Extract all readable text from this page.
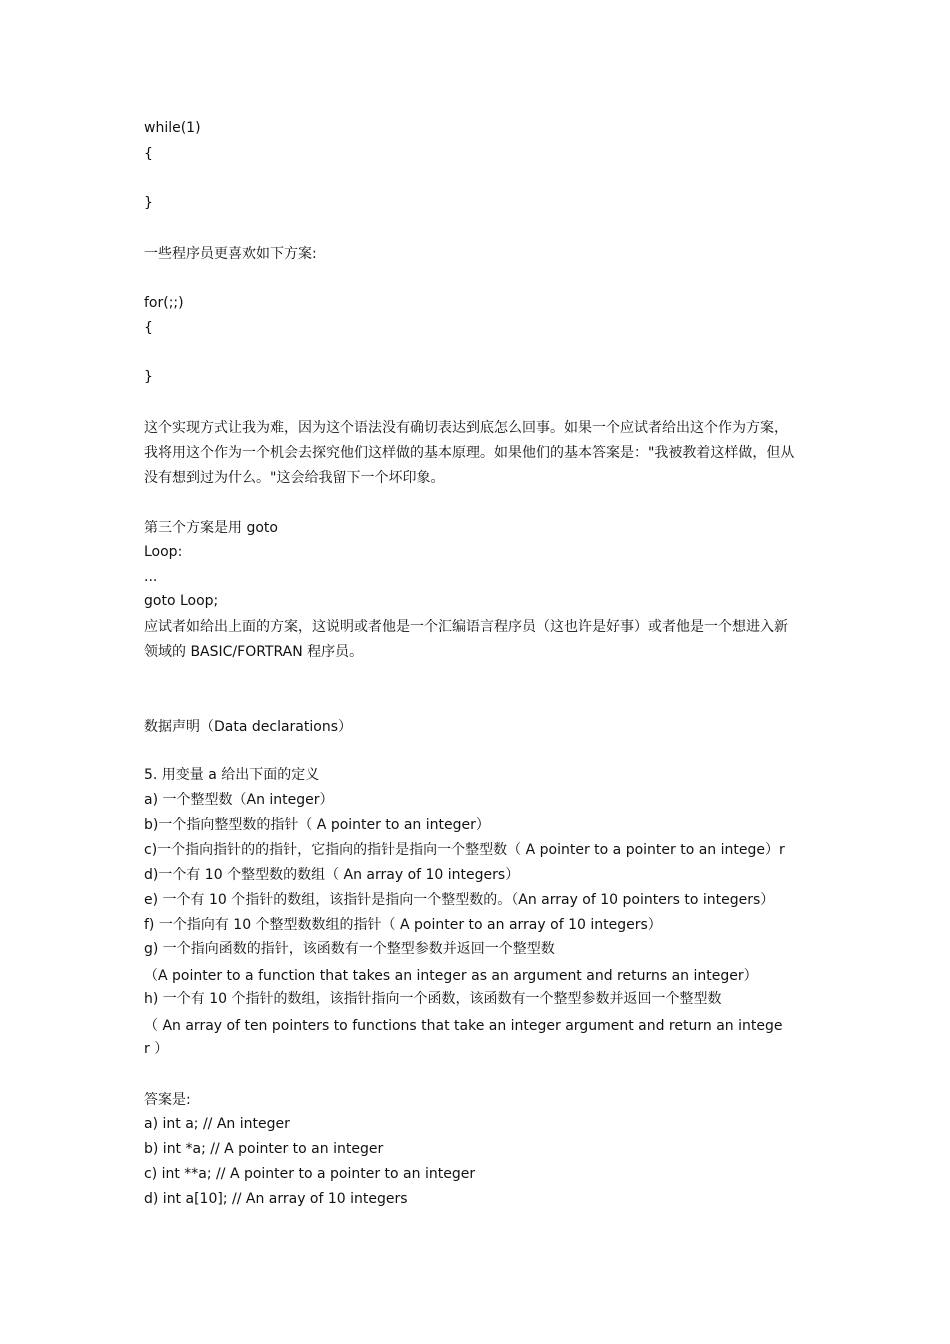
while(1)
{
}
一些程序员更喜欢如下方案:
for(;;)
{
}
这个实现方式让我为难，因为这个语法没有确切表达到底怎么回事。如果一个应试者给出这个作为方案，
我将用这个作为一个机会去探究他们这样做的基本原理。如果他们的基本答案是："我被教着这样做，但从
没有想到过为什么。"这会给我留下一个坏印象。
第三个方案是用 goto
Loop:
...
goto Loop;
应试者如给出上面的方案，这说明或者他是一个汇编语言程序员（这也许是好事）或者他是一个想进入新
领域的 BASIC/FORTRAN 程序员。
数据声明（Data declarations）
5. 用变量 a 给出下面的定义
a) 一个整型数（An integer）
b)一个指向整型数的指针（ A pointer to an integer）
c)一个指向指针的的指针，它指向的指针是指向一个整型数（ A pointer to a pointer to an intege）r
d)一个有 10 个整型数的数组（ An array of 10 integers）
e) 一个有 10 个指针的数组，该指针是指向一个整型数的。（An array of 10 pointers to integers）
f) 一个指向有 10 个整型数数组的指针（ A pointer to an array of 10 integers）
g) 一个指向函数的指针，该函数有一个整型参数并返回一个整型数
（A pointer to a function that takes an integer as an argument and returns an integer）
h) 一个有 10 个指针的数组，该指针指向一个函数，该函数有一个整型参数并返回一个整型数
（ An array of ten pointers to functions that take an integer argument and return an intege
r ）
答案是:
a) int a; // An integer
b) int *a; // A pointer to an integer
c) int **a; // A pointer to a pointer to an integer
d) int a[10]; // An array of 10 integers
